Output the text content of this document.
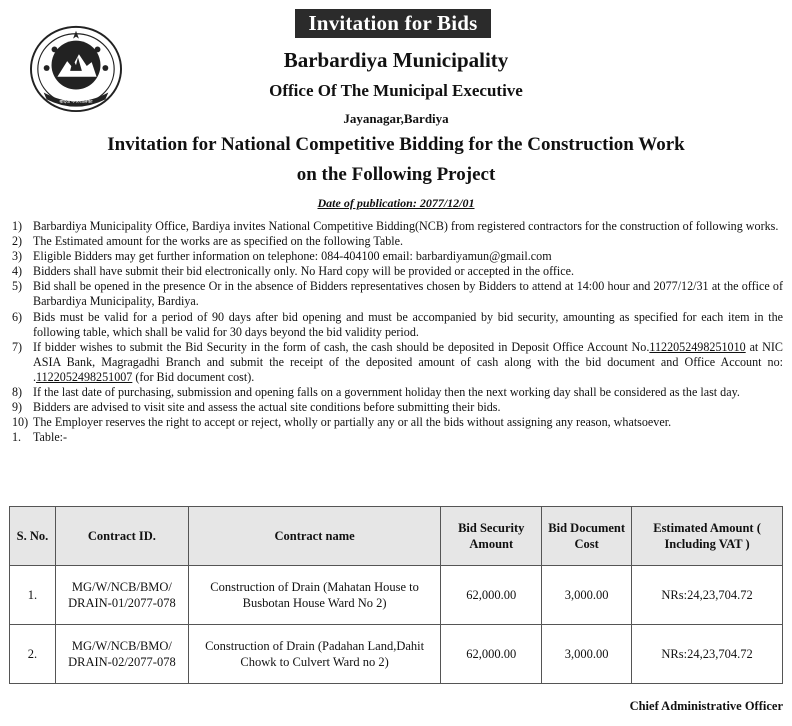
Invitation for Bids
बर्दिया नगरपालिका
Barbardiya Municipality
Office Of The Municipal Executive
Jayanagar,Bardiya
Invitation for National Competitive Bidding for the Construction Work
on the Following Project
Date of publication: 2077/12/01
1) Barbardiya Municipality Office, Bardiya invites National Competitive Bidding(NCB) from registered contractors for the construction of following works.
2) The Estimated amount for the works are as specified on the following Table.
3) Eligible Bidders may get further information on telephone: 084-404100 email: barbardiyamun@gmail.com
4) Bidders shall have submit their bid electronically only. No Hard copy will be provided or accepted in the office.
5) Bid shall be opened in the presence Or in the absence of Bidders representatives chosen by Bidders to attend at 14:00 hour and 2077/12/31 at the office of Barbardiya Municipality, Bardiya.
6) Bids must be valid for a period of 90 days after bid opening and must be accompanied by bid security, amounting as specified for each item in the following table, which shall be valid for 30 days beyond the bid validity period.
7) If bidder wishes to submit the Bid Security in the form of cash, the cash should be deposited in Deposit Office Account No.1122052498251010 at NIC ASIA Bank, Magragadhi Branch and submit the receipt of the deposited amount of cash along with the bid document and Office Account no: .1122052498251007 (for Bid document cost).
8) If the last date of purchasing, submission and opening falls on a government holiday then the next working day shall be considered as the last day.
9) Bidders are advised to visit site and assess the actual site conditions before submitting their bids.
10) The Employer reserves the right to accept or reject, wholly or partially any or all the bids without assigning any reason, whatsoever.
1. Table:-
S. No.	Contract ID.	Contract name	Bid Security Amount	Bid Document Cost	Estimated Amount ( Including VAT )
1.	MG/W/NCB/BMO/ DRAIN-01/2077-078	Construction of Drain (Mahatan House to Busbotan House Ward No 2)	62,000.00	3,000.00	NRs:24,23,704.72
2.	MG/W/NCB/BMO/ DRAIN-02/2077-078	Construction of Drain (Padahan Land,Dahit Chowk to Culvert Ward no 2)	62,000.00	3,000.00	NRs:24,23,704.72
Chief Administrative Officer
